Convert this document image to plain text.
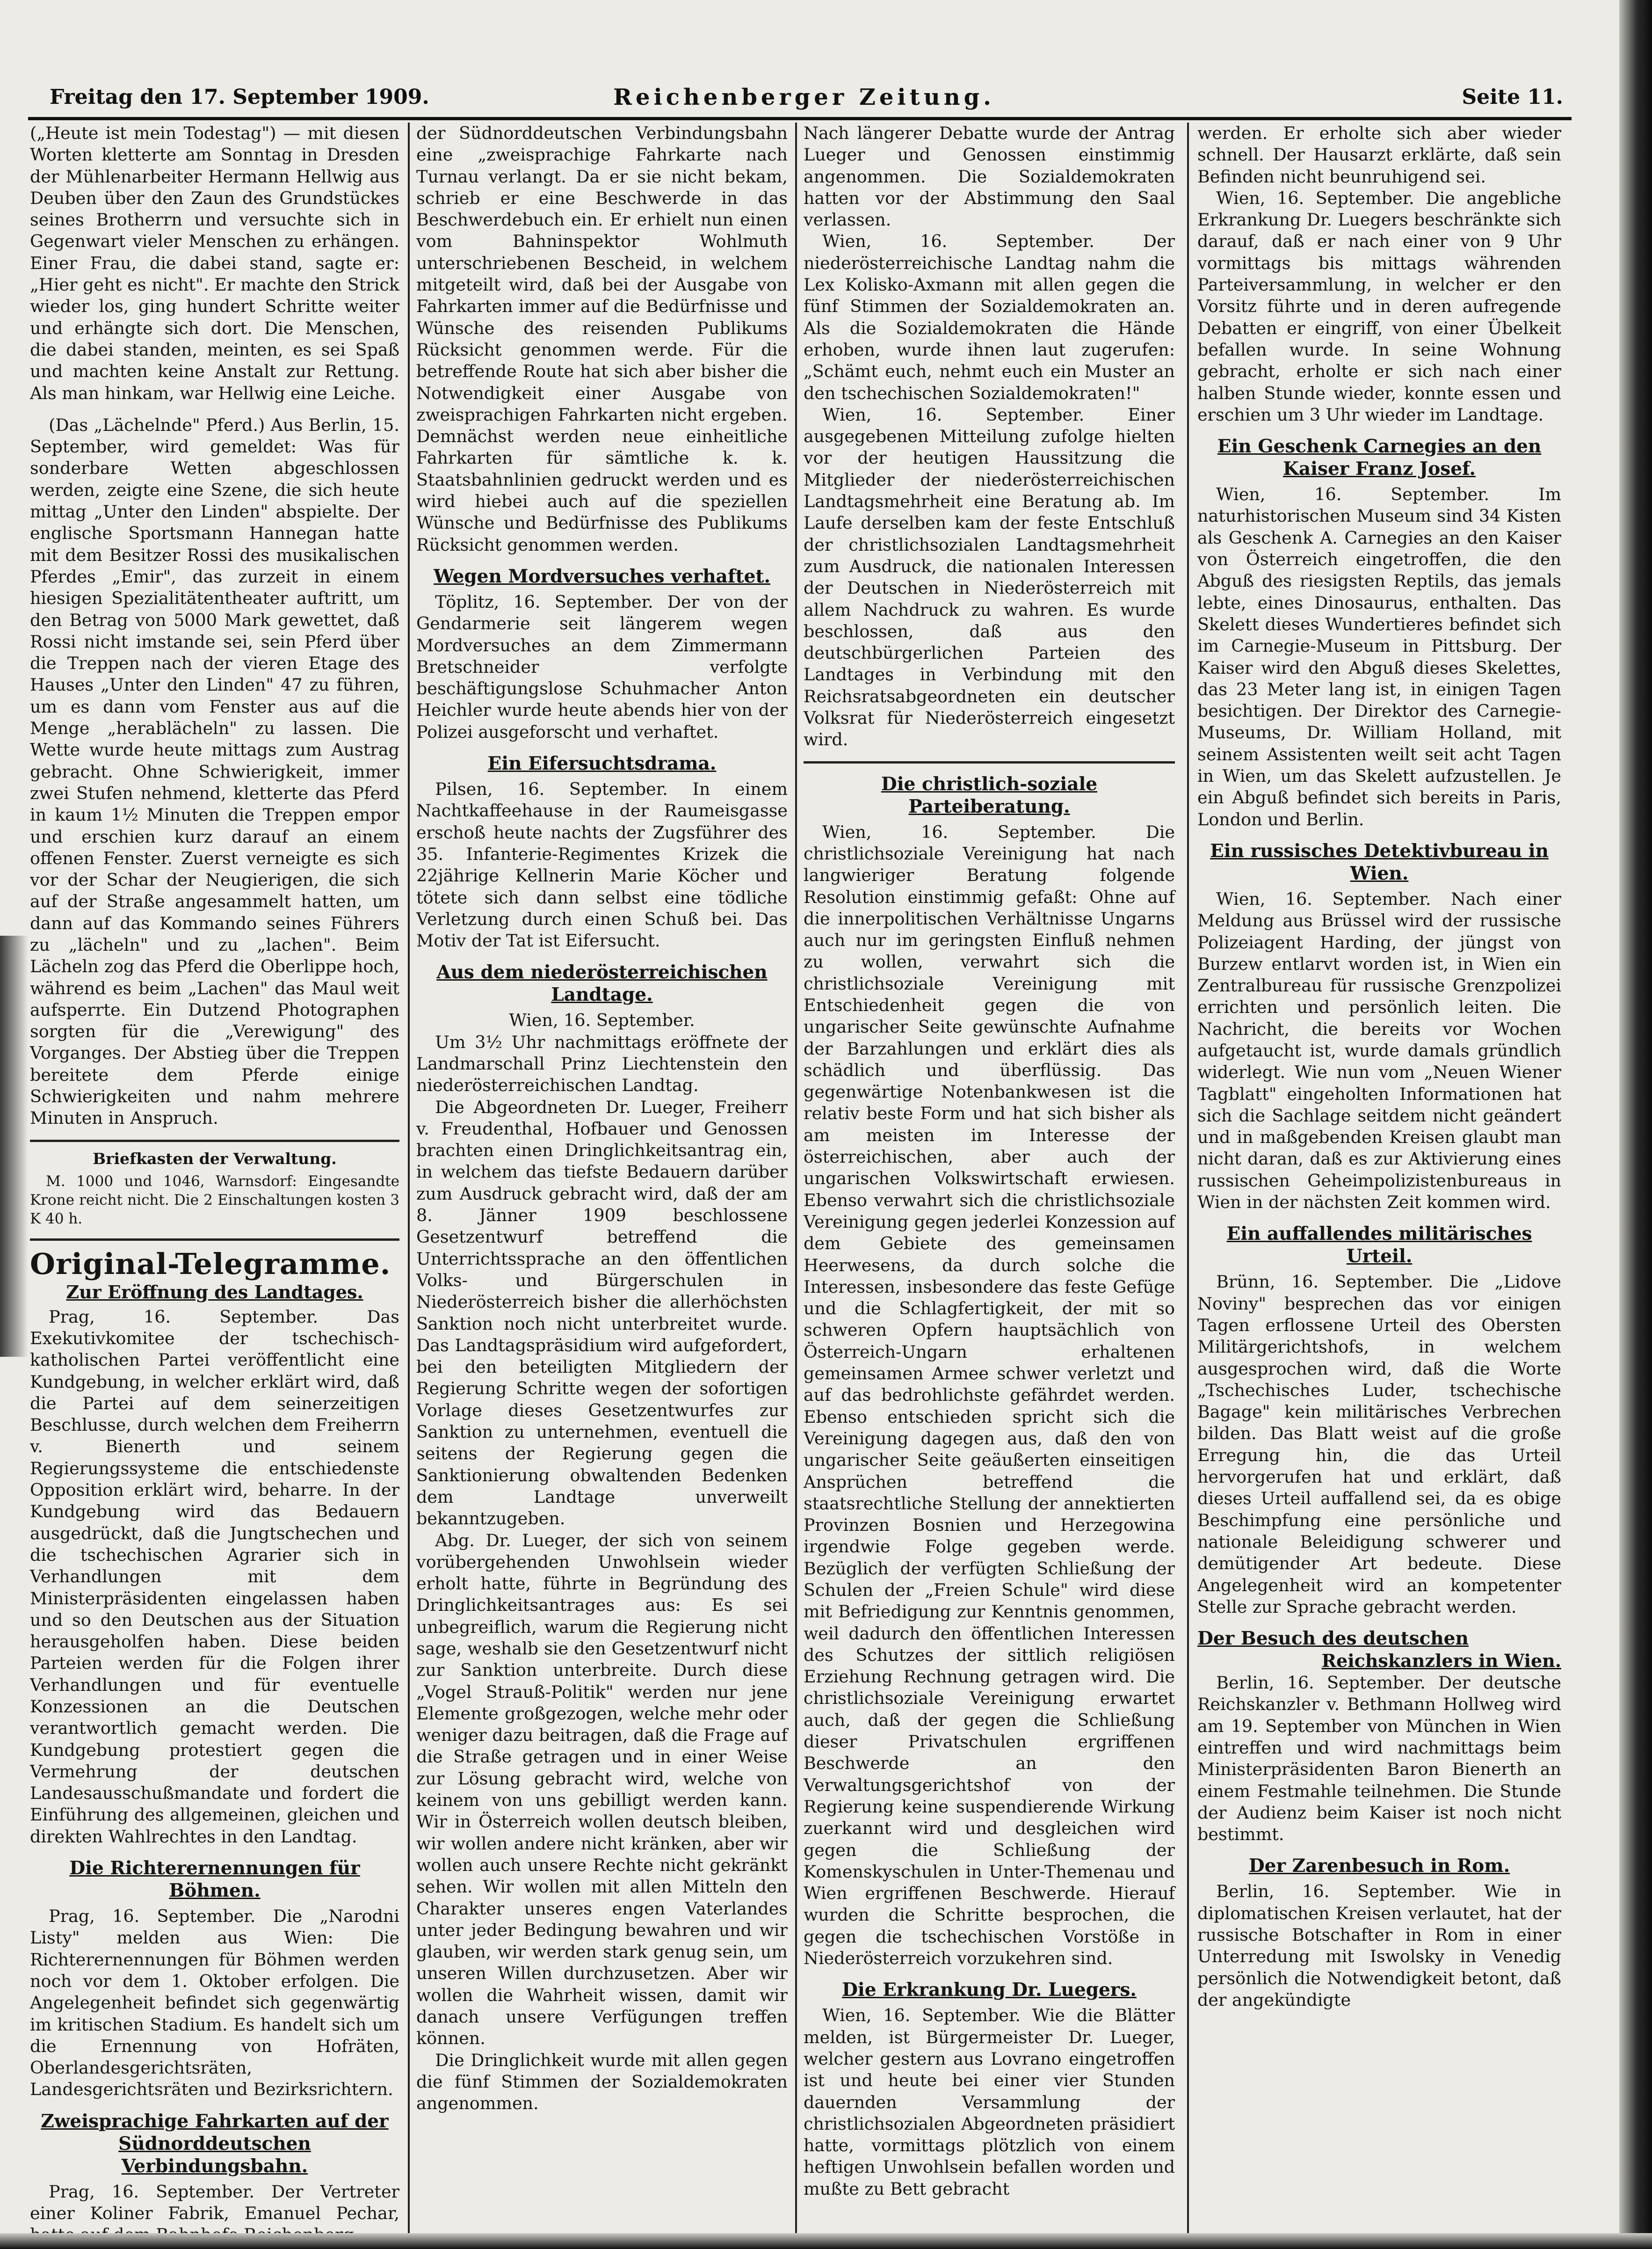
Freitag den 17. September 1909.	Reichenberger Zeitung.	Seite 11.

(„Heute ist mein Todestag") — mit diesen Worten kletterte am Sonntag in Dresden der Mühlenarbeiter Hermann Hellwig aus Deuben über den Zaun des Grundstückes seines Brotherrn und versuchte sich in Gegenwart vieler Menschen zu erhängen. Einer Frau, die dabei stand, sagte er: „Hier geht es nicht". Er machte den Strick wieder los, ging hundert Schritte weiter und erhängte sich dort. Die Menschen, die dabei standen, meinten, es sei Spaß und machten keine Anstalt zur Rettung. Als man hinkam, war Hellwig eine Leiche.

(Das „Lächelnde" Pferd.) Aus Berlin, 15. September, wird gemeldet: Was für sonderbare Wetten abgeschlossen werden, zeigte eine Szene, die sich heute mittag „Unter den Linden" abspielte. Der englische Sportsmann Hannegan hatte mit dem Besitzer Rossi des musikalischen Pferdes „Emir", das zurzeit in einem hiesigen Spezialitätentheater auftritt, um den Betrag von 5000 Mark gewettet, daß Rossi nicht imstande sei, sein Pferd über die Treppen nach der vieren Etage des Hauses „Unter den Linden" 47 zu führen, um es dann vom Fenster aus auf die Menge „herablächeln" zu lassen. Die Wette wurde heute mittags zum Austrag gebracht. Ohne Schwierigkeit, immer zwei Stufen nehmend, kletterte das Pferd in kaum 1½ Minuten die Treppen empor und erschien kurz darauf an einem offenen Fenster. Zuerst verneigte es sich vor der Schar der Neugierigen, die sich auf der Straße angesammelt hatten, um dann auf das Kommando seines Führers zu „lächeln" und zu „lachen". Beim Lächeln zog das Pferd die Oberlippe hoch, während es beim „Lachen" das Maul weit aufsperrte. Ein Dutzend Photographen sorgten für die „Verewigung" des Vorganges. Der Abstieg über die Treppen bereitete dem Pferde einige Schwierigkeiten und nahm mehrere Minuten in Anspruch.

Briefkasten der Verwaltung.

M. 1000 und 1046, Warnsdorf: Eingesandte Krone reicht nicht. Die 2 Einschaltungen kosten 3 K 40 h.

Original-Telegramme.
Zur Eröffnung des Landtages.

Prag, 16. September. Das Exekutivkomitee der tschechisch-katholischen Partei veröffentlicht eine Kundgebung, in welcher erklärt wird, daß die Partei auf dem seinerzeitigen Beschlusse, durch welchen dem Freiherrn v. Bienerth und seinem Regierungssysteme die entschiedenste Opposition erklärt wird, beharre. In der Kundgebung wird das Bedauern ausgedrückt, daß die Jungtschechen und die tschechischen Agrarier sich in Verhandlungen mit dem Ministerpräsidenten eingelassen haben und so den Deutschen aus der Situation herausgeholfen haben. Diese beiden Parteien werden für die Folgen ihrer Verhandlungen und für eventuelle Konzessionen an die Deutschen verantwortlich gemacht werden. Die Kundgebung protestiert gegen die Vermehrung der deutschen Landesausschußmandate und fordert die Einführung des allgemeinen, gleichen und direkten Wahlrechtes in den Landtag.

Die Richterernennungen für Böhmen.

Prag, 16. September. Die „Narodni Listy" melden aus Wien: Die Richterernennungen für Böhmen werden noch vor dem 1. Oktober erfolgen. Die Angelegenheit befindet sich gegenwärtig im kritischen Stadium. Es handelt sich um die Ernennung von Hofräten, Oberlandesgerichtsräten, Landesgerichtsräten und Bezirksrichtern.

Zweisprachige Fahrkarten auf der Südnorddeutschen Verbindungsbahn.

Prag, 16. September. Der Vertreter einer Koliner Fabrik, Emanuel Pechar,

der Südnorddeutschen Verbindungsbahn eine „zweisprachige Fahrkarte nach Turnau verlangt. Da er sie nicht bekam, schrieb er eine Beschwerde in das Beschwerdebuch ein. Er erhielt nun einen vom Bahninspektor Wohlmuth unterschriebenen Bescheid, in welchem mitgeteilt wird, daß bei der Ausgabe von Fahrkarten immer auf die Bedürfnisse und Wünsche des reisenden Publikums Rücksicht genommen werde. Für die betreffende Route hat sich aber bisher die Notwendigkeit einer Ausgabe von zweisprachigen Fahrkarten nicht ergeben. Demnächst werden neue einheitliche Fahrkarten für sämtliche k. k. Staatsbahnlinien gedruckt werden und es wird hiebei auch auf die speziellen Wünsche und Bedürfnisse des Publikums Rücksicht genommen werden.

Wegen Mordversuches verhaftet.

Töplitz, 16. September. Der von der Gendarmerie seit längerem wegen Mordversuches an dem Zimmermann Bretschneider verfolgte beschäftigungslose Schuhmacher Anton Heichler wurde heute abends hier von der Polizei ausgeforscht und verhaftet.

Ein Eifersuchtsdrama.

Pilsen, 16. September. In einem Nachtkaffeehause in der Raumeisgasse erschoß heute nachts der Zugsführer des 35. Infanterie-Regimentes Krizek die 22jährige Kellnerin Marie Köcher und tötete sich dann selbst eine tödliche Verletzung durch einen Schuß bei. Das Motiv der Tat ist Eifersucht.

Aus dem niederösterreichischen Landtage.

Wien, 16. September.

Um 3½ Uhr nachmittags eröffnete der Landmarschall Prinz Liechtenstein den niederösterreichischen Landtag.

Die Abgeordneten Dr. Lueger, Freiherr v. Freudenthal, Hofbauer und Genossen brachten einen Dringlichkeitsantrag ein, in welchem das tiefste Bedauern darüber zum Ausdruck gebracht wird, daß der am 8. Jänner 1909 beschlossene Gesetzentwurf betreffend die Unterrichtssprache an den öffentlichen Volks- und Bürgerschulen in Niederösterreich bisher die allerhöchsten Sanktion noch nicht unterbreitet wurde. Das Landtagspräsidium wird aufgefordert, bei den beteiligten Mitgliedern der Regierung Schritte wegen der sofortigen Vorlage dieses Gesetzentwurfes zur Sanktion zu unternehmen, eventuell die seitens der Regierung gegen die Sanktionierung obwaltenden Bedenken dem Landtage unverweilt bekanntzugeben.

Abg. Dr. Lueger, der sich von seinem vorübergehenden Unwohlsein wieder erholt hatte, führte in Begründung des Dringlichkeitsantrages aus: Es sei unbegreiflich, warum die Regierung nicht sage, weshalb sie den Gesetzentwurf nicht zur Sanktion unterbreite. Durch diese „Vogel Strauß-Politik" werden nur jene Elemente großgezogen, welche mehr oder weniger dazu beitragen, daß die Frage auf die Straße getragen und in einer Weise zur Lösung gebracht wird, welche von keinem von uns gebilligt werden kann. Wir in Österreich wollen deutsch bleiben, wir wollen andere nicht kränken, aber wir wollen auch unsere Rechte nicht gekränkt sehen. Wir wollen mit allen Mitteln den Charakter unseres engen Vaterlandes unter jeder Bedingung bewahren und wir glauben, wir werden stark genug sein, um unseren Willen durchzusetzen. Aber wir wollen die Wahrheit wissen, damit wir danach unsere Verfügungen treffen können.

Die Dringlichkeit wurde mit allen gegen die fünf Stimmen der Sozialdemokraten angenommen.

Nach längerer Debatte wurde der Antrag Lueger und Genossen einstimmig angenommen. Die Sozialdemokraten hatten vor der Abstimmung den Saal verlassen.

Wien, 16. September. Der niederösterreichische Landtag nahm die Lex Kolisko-Axmann mit allen gegen die fünf Stimmen der Sozialdemokraten an. Als die Sozialdemokraten die Hände erhoben, wurde ihnen laut zugerufen: „Schämt euch, nehmt euch ein Muster an den tschechischen Sozialdemokraten!"

Wien, 16. September. Einer ausgegebenen Mitteilung zufolge hielten vor der heutigen Haussitzung die Mitglieder der niederösterreichischen Landtagsmehrheit eine Beratung ab. Im Laufe derselben kam der feste Entschluß der christlichsozialen Landtagsmehrheit zum Ausdruck, die nationalen Interessen der Deutschen in Niederösterreich mit allem Nachdruck zu wahren. Es wurde beschlossen, daß aus den deutschbürgerlichen Parteien des Landtages in Verbindung mit den Reichsratsabgeordneten ein deutscher Volksrat für Niederösterreich eingesetzt wird.

Die christlich-soziale Parteiberatung.

Wien, 16. September. Die christlichsoziale Vereinigung hat nach langwieriger Beratung folgende Resolution einstimmig gefaßt: Ohne auf die innerpolitischen Verhältnisse Ungarns auch nur im geringsten Einfluß nehmen zu wollen, verwahrt sich die christlichsoziale Vereinigung mit Entschiedenheit gegen die von ungarischer Seite gewünschte Aufnahme der Barzahlungen und erklärt dies als schädlich und überflüssig. Das gegenwärtige Notenbankwesen ist die relativ beste Form und hat sich bisher als am meisten im Interesse der österreichischen, aber auch der ungarischen Volkswirtschaft erwiesen. Ebenso verwahrt sich die christlichsoziale Vereinigung gegen jederlei Konzession auf dem Gebiete des gemeinsamen Heerwesens, da durch solche die Interessen, insbesondere das feste Gefüge und die Schlagfertigkeit, der mit so schweren Opfern hauptsächlich von Österreich-Ungarn erhaltenen gemeinsamen Armee schwer verletzt und auf das bedrohlichste gefährdet werden. Ebenso entschieden spricht sich die Vereinigung dagegen aus, daß den von ungarischer Seite geäußerten einseitigen Ansprüchen betreffend die staatsrechtliche Stellung der annektierten Provinzen Bosnien und Herzegowina irgendwie Folge gegeben werde. Bezüglich der verfügten Schließung der Schulen der „Freien Schule" wird diese mit Befriedigung zur Kenntnis genommen, weil dadurch den öffentlichen Interessen des Schutzes der sittlich religiösen Erziehung Rechnung getragen wird. Die christlichsoziale Vereinigung erwartet auch, daß der gegen die Schließung dieser Privatschulen ergriffenen Beschwerde an den Verwaltungsgerichtshof von der Regierung keine suspendierende Wirkung zuerkannt wird und desgleichen wird gegen die Schließung der Komenskyschulen in Unter-Themenau und Wien ergriffenen Beschwerde. Hierauf wurden die Schritte besprochen, die gegen die tschechischen Vorstöße in Niederösterreich vorzukehren sind.

Die Erkrankung Dr. Luegers.

Wien, 16. September. Wie die Blätter melden, ist Bürgermeister Dr. Lueger, welcher gestern aus Lovrano eingetroffen ist und heute bei einer vier Stunden dauernden Versammlung der christlichsozialen Abgeordneten präsidiert hatte, vormittags plötzlich von einem heftigen Unwohlsein befallen worden und mußte zu Bett gebracht

werden. Er erholte sich aber wieder schnell. Der Hausarzt erklärte, daß sein Befinden nicht beunruhigend sei.

Wien, 16. September. Die angebliche Erkrankung Dr. Luegers beschränkte sich darauf, daß er nach einer von 9 Uhr vormittags bis mittags währenden Parteiversammlung, in welcher er den Vorsitz führte und in deren aufregende Debatten er eingriff, von einer Übelkeit befallen wurde. In seine Wohnung gebracht, erholte er sich nach einer halben Stunde wieder, konnte essen und erschien um 3 Uhr wieder im Landtage.

Ein Geschenk Carnegies an den Kaiser Franz Josef.

Wien, 16. September. Im naturhistorischen Museum sind 34 Kisten als Geschenk A. Carnegies an den Kaiser von Österreich eingetroffen, die den Abguß des riesigsten Reptils, das jemals lebte, eines Dinosaurus, enthalten. Das Skelett dieses Wundertieres befindet sich im Carnegie-Museum in Pittsburg. Der Kaiser wird den Abguß dieses Skelettes, das 23 Meter lang ist, in einigen Tagen besichtigen. Der Direktor des Carnegie-Museums, Dr. William Holland, mit seinem Assistenten weilt seit acht Tagen in Wien, um das Skelett aufzustellen. Je ein Abguß befindet sich bereits in Paris, London und Berlin.

Ein russisches Detektivbureau in Wien.

Wien, 16. September. Nach einer Meldung aus Brüssel wird der russische Polizeiagent Harding, der jüngst von Burzew entlarvt worden ist, in Wien ein Zentralbureau für russische Grenzpolizei errichten und persönlich leiten. Die Nachricht, die bereits vor Wochen aufgetaucht ist, wurde damals gründlich widerlegt. Wie nun vom „Neuen Wiener Tagblatt" eingeholten Informationen hat sich die Sachlage seitdem nicht geändert und in maßgebenden Kreisen glaubt man nicht daran, daß es zur Aktivierung eines russischen Geheimpolizistenbureaus in Wien in der nächsten Zeit kommen wird.

Ein auffallendes militärisches Urteil.

Brünn, 16. September. Die „Lidove Noviny" besprechen das vor einigen Tagen erflossene Urteil des Obersten Militärgerichtshofs, in welchem ausgesprochen wird, daß die Worte „Tschechisches Luder, tschechische Bagage" kein militärisches Verbrechen bilden. Das Blatt weist auf die große Erregung hin, die das Urteil hervorgerufen hat und erklärt, daß dieses Urteil auffallend sei, da es obige Beschimpfung eine persönliche und nationale Beleidigung schwerer und demütigender Art bedeute. Diese Angelegenheit wird an kompetenter Stelle zur Sprache gebracht werden.

Der Besuch des deutschen

Reichskanzlers in Wien.

Berlin, 16. September. Der deutsche Reichskanzler v. Bethmann Hollweg wird am 19. September von München in Wien eintreffen und wird nachmittags beim Ministerpräsidenten Baron Bienerth an einem Festmahle teilnehmen. Die Stunde der Audienz beim Kaiser ist noch nicht bestimmt.

Der Zarenbesuch in Rom.

Berlin, 16. September. Wie in diplomatischen Kreisen verlautet, hat der russische Botschafter in Rom in einer Unterredung mit Iswolsky in Venedig persönlich die Notwendigkeit betont, daß der angekündigte
